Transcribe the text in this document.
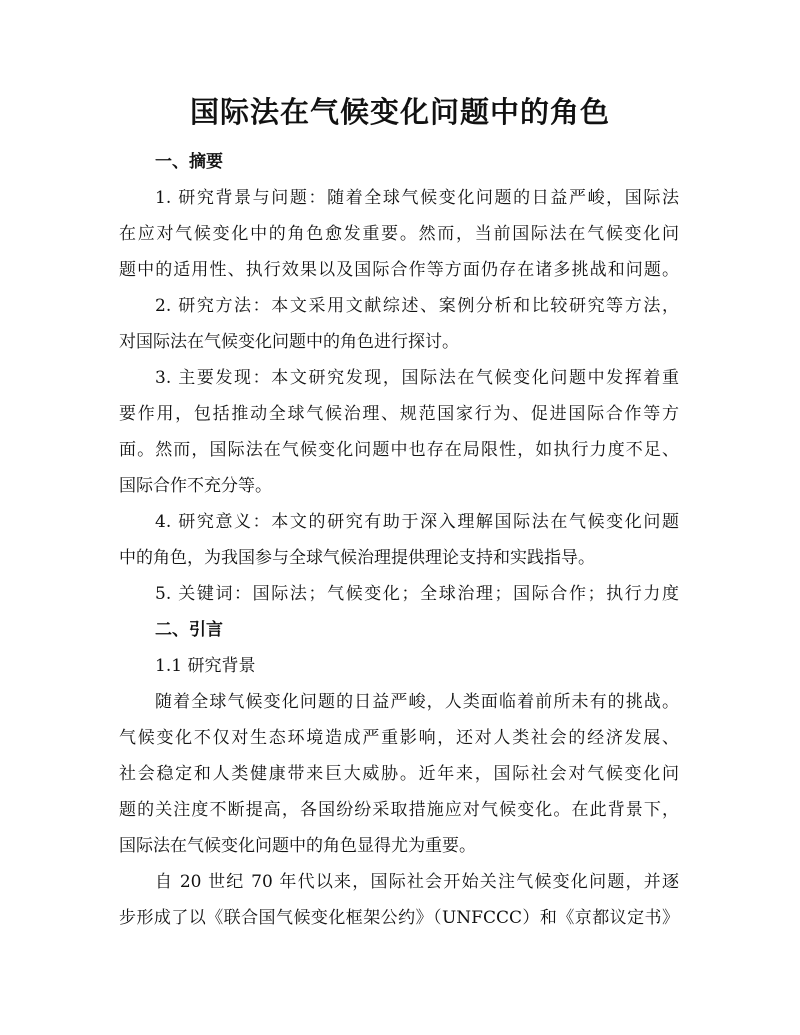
国际法在气候变化问题中的角色
一、摘要
1. 研究背景与问题：随着全球气候变化问题的日益严峻，国际法
在应对气候变化中的角色愈发重要。然而，当前国际法在气候变化问
题中的适用性、执行效果以及国际合作等方面仍存在诸多挑战和问题。
2. 研究方法：本文采用文献综述、案例分析和比较研究等方法，
对国际法在气候变化问题中的角色进行探讨。
3. 主要发现：本文研究发现，国际法在气候变化问题中发挥着重
要作用，包括推动全球气候治理、规范国家行为、促进国际合作等方
面。然而，国际法在气候变化问题中也存在局限性，如执行力度不足、
国际合作不充分等。
4. 研究意义：本文的研究有助于深入理解国际法在气候变化问题
中的角色，为我国参与全球气候治理提供理论支持和实践指导。
5. 关键词：国际法；气候变化；全球治理；国际合作；执行力度
二、引言
1.1 研究背景
随着全球气候变化问题的日益严峻，人类面临着前所未有的挑战。
气候变化不仅对生态环境造成严重影响，还对人类社会的经济发展、
社会稳定和人类健康带来巨大威胁。近年来，国际社会对气候变化问
题的关注度不断提高，各国纷纷采取措施应对气候变化。在此背景下，
国际法在气候变化问题中的角色显得尤为重要。
自 20 世纪 70 年代以来，国际社会开始关注气候变化问题，并逐
步形成了以《联合国气候变化框架公约》（UNFCCC）和《京都议定书》
